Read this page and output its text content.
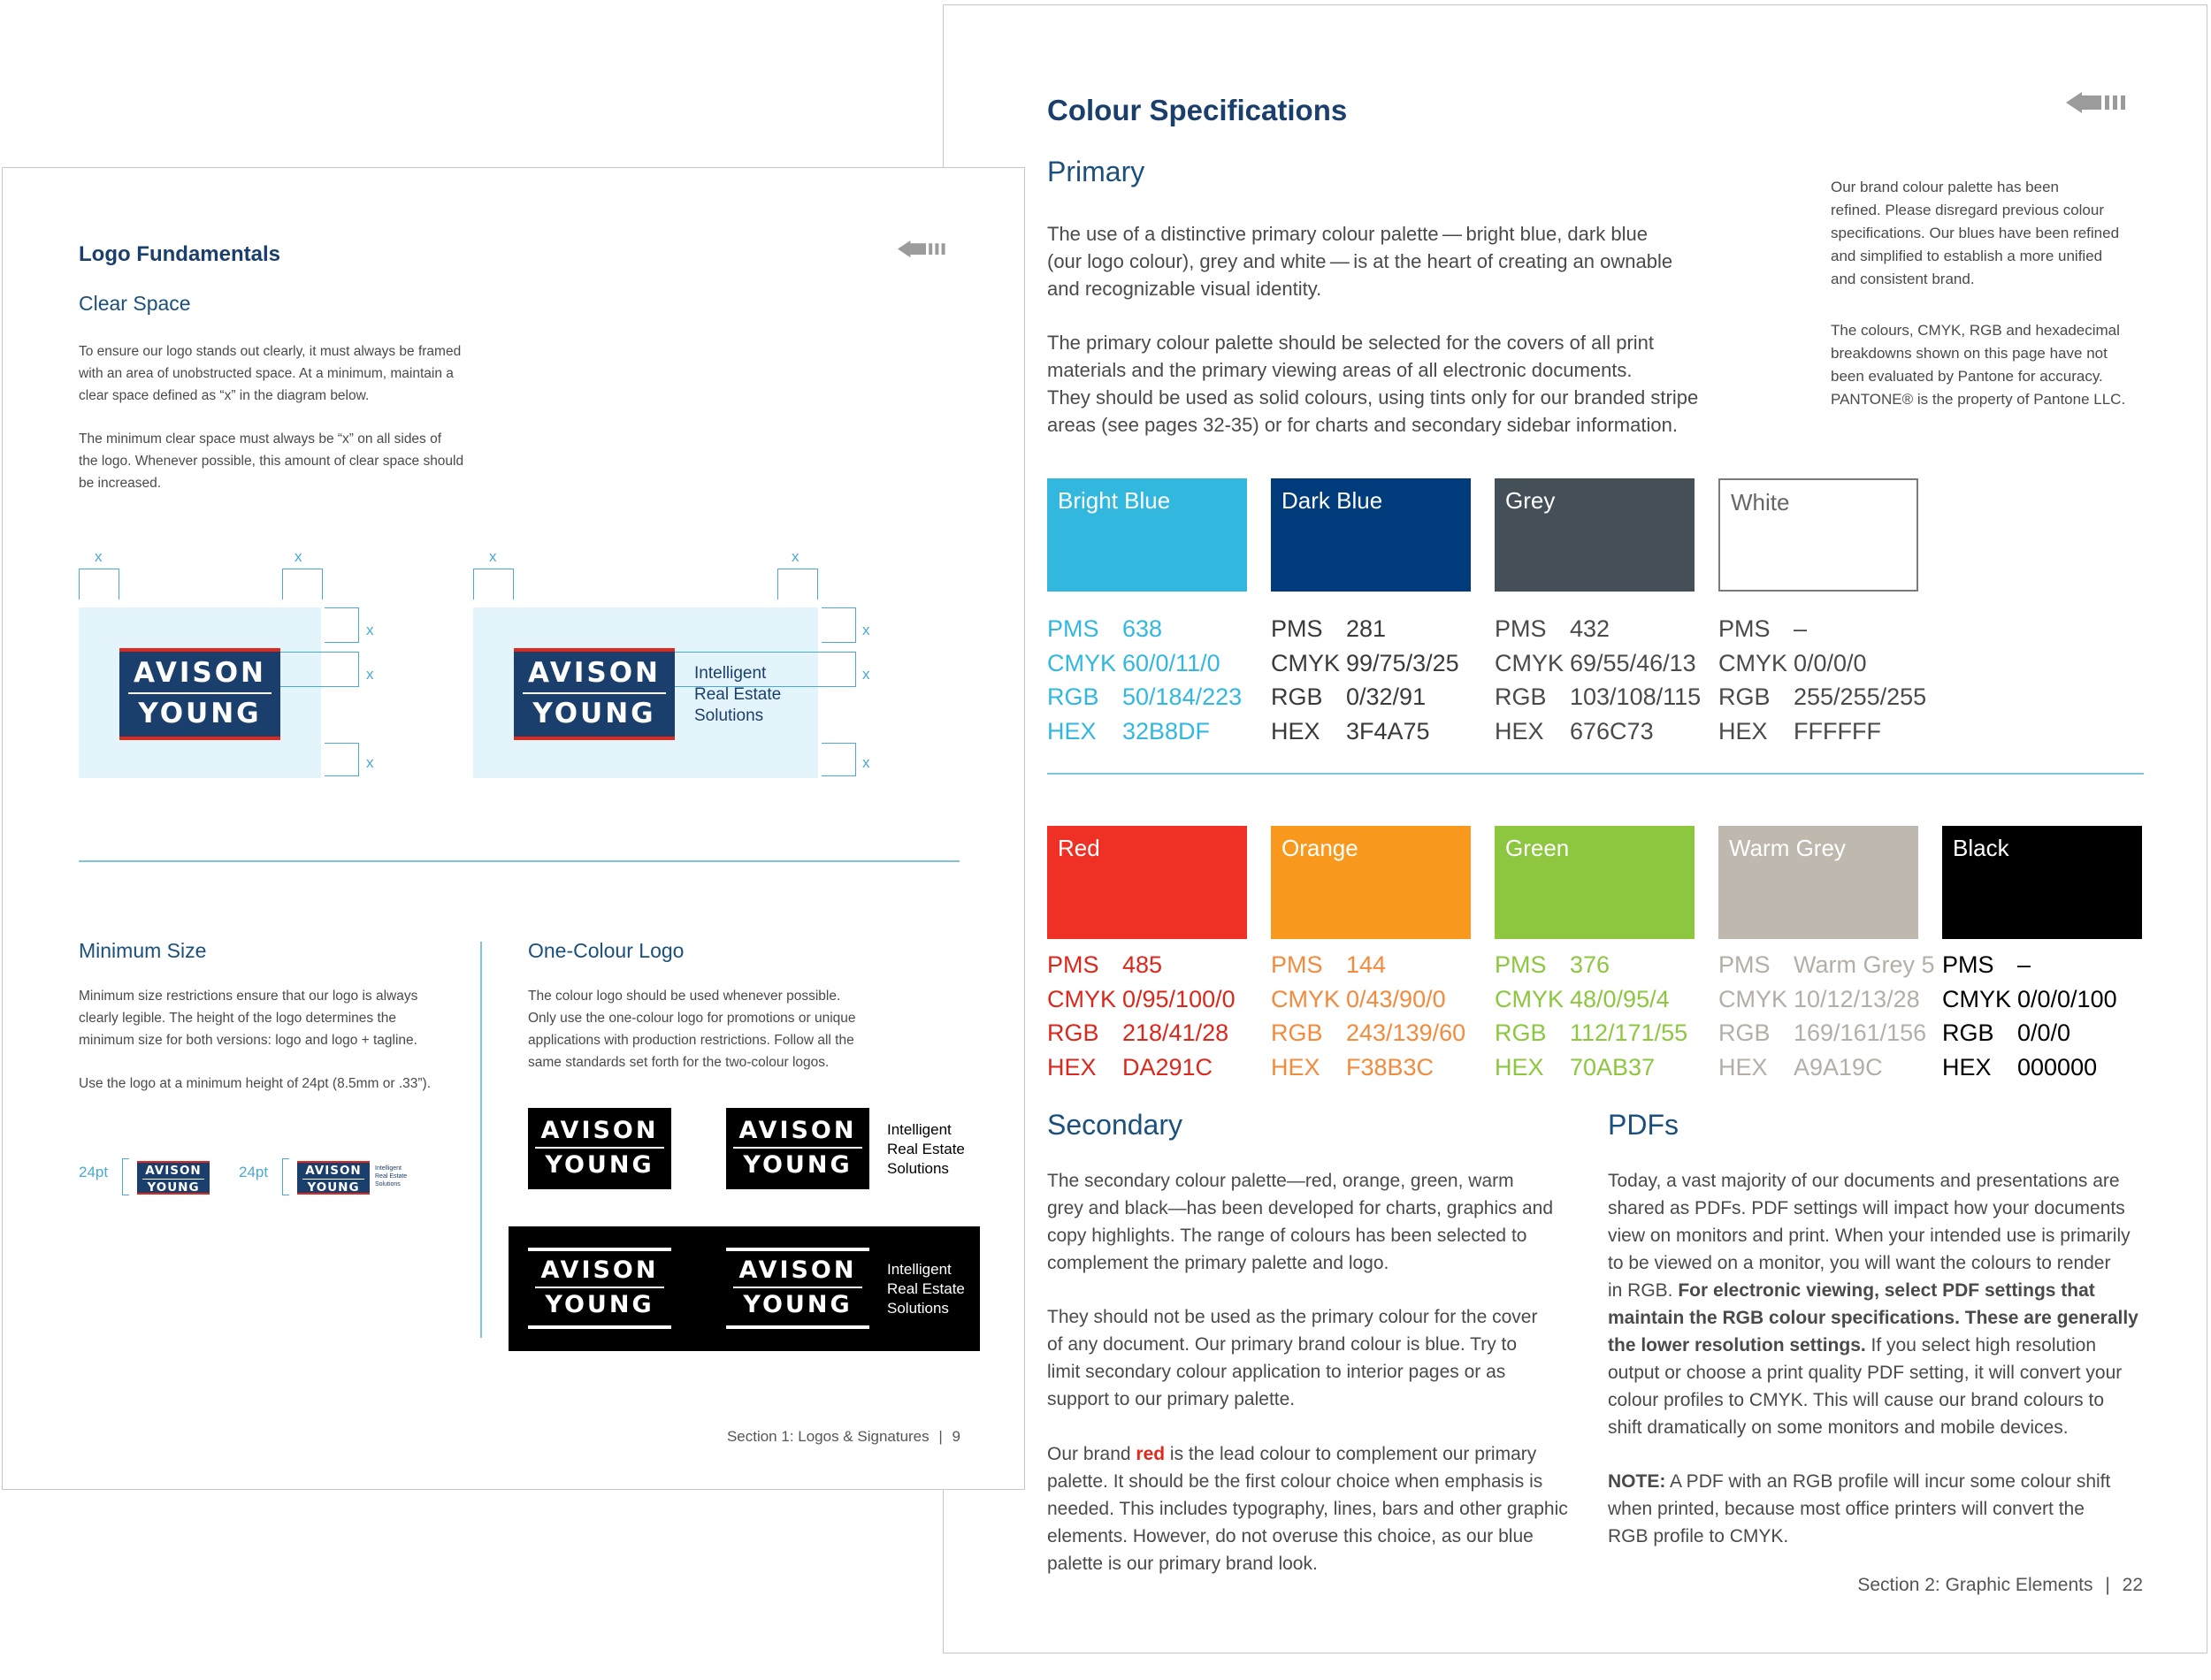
Colour Specifications
Primary
The use of a distinctive primary colour palette — bright blue, dark blue
(our logo colour), grey and white — is at the heart of creating an ownable
and recognizable visual identity.
The primary colour palette should be selected for the covers of all print
materials and the primary viewing areas of all electronic documents.
They should be used as solid colours, using tints only for our branded stripe
areas (see pages 32-35) or for charts and secondary sidebar information.
Our brand colour palette has been
refined. Please disregard previous colour
specifications. Our blues have been refined
and simplified to establish a more unified
and consistent brand.
The colours, CMYK, RGB and hexadecimal
breakdowns shown on this page have not
been evaluated by Pantone for accuracy.
PANTONE® is the property of Pantone LLC.
Bright Blue
PMS 638
CMYK 60/0/11/0
RGB 50/184/223
HEX 32B8DF
Dark Blue
PMS 281
CMYK 99/75/3/25
RGB 0/32/91
HEX 3F4A75
Grey
PMS 432
CMYK 69/55/46/13
RGB 103/108/115
HEX 676C73
White
PMS –
CMYK 0/0/0/0
RGB 255/255/255
HEX FFFFFF
Red
PMS 485
CMYK 0/95/100/0
RGB 218/41/28
HEX DA291C
Orange
PMS 144
CMYK 0/43/90/0
RGB 243/139/60
HEX F38B3C
Green
PMS 376
CMYK 48/0/95/4
RGB 112/171/55
HEX 70AB37
Warm Grey
PMS Warm Grey 5
CMYK 10/12/13/28
RGB 169/161/156
HEX A9A19C
Black
PMS –
CMYK 0/0/0/100
RGB 0/0/0
HEX 000000
Secondary
The secondary colour palette—red, orange, green, warm
grey and black—has been developed for charts, graphics and
copy highlights. The range of colours has been selected to
complement the primary palette and logo.
They should not be used as the primary colour for the cover
of any document. Our primary brand colour is blue. Try to
limit secondary colour application to interior pages or as
support to our primary palette.
Our brand red is the lead colour to complement our primary
palette. It should be the first colour choice when emphasis is
needed. This includes typography, lines, bars and other graphic
elements. However, do not overuse this choice, as our blue
palette is our primary brand look.
PDFs
Today, a vast majority of our documents and presentations are
shared as PDFs. PDF settings will impact how your documents
view on monitors and print. When your intended use is primarily
to be viewed on a monitor, you will want the colours to render
in RGB. For electronic viewing, select PDF settings that
maintain the RGB colour specifications. These are generally
the lower resolution settings. If you select high resolution
output or choose a print quality PDF setting, it will convert your
colour profiles to CMYK. This will cause our brand colours to
shift dramatically on some monitors and mobile devices.
NOTE: A PDF with an RGB profile will incur some colour shift
when printed, because most office printers will convert the
RGB profile to CMYK.
Section 2: Graphic Elements | 22
Logo Fundamentals
Clear Space
To ensure our logo stands out clearly, it must always be framed
with an area of unobstructed space. At a minimum, maintain a
clear space defined as “x” in the diagram below.
The minimum clear space must always be “x” on all sides of
the logo. Whenever possible, this amount of clear space should
be increased.
x	x
x
x
x
AVISON
YOUNG
x	x
x
x
x
AVISON
YOUNG
Intelligent
Real Estate
Solutions
Minimum Size
Minimum size restrictions ensure that our logo is always
clearly legible. The height of the logo determines the
minimum size for both versions: logo and logo + tagline.
Use the logo at a minimum height of 24pt (8.5mm or .33”).
24pt	AVISON
YOUNG
24pt	AVISON
YOUNG
Intelligent
Real Estate
Solutions
One-Colour Logo
The colour logo should be used whenever possible.
Only use the one-colour logo for promotions or unique
applications with production restrictions. Follow all the
same standards set forth for the two-colour logos.
AVISON
YOUNG
AVISON
YOUNG
Intelligent
Real Estate
Solutions
AVISON
YOUNG
AVISON
YOUNG
Intelligent
Real Estate
Solutions
Section 1: Logos & Signatures | 9
